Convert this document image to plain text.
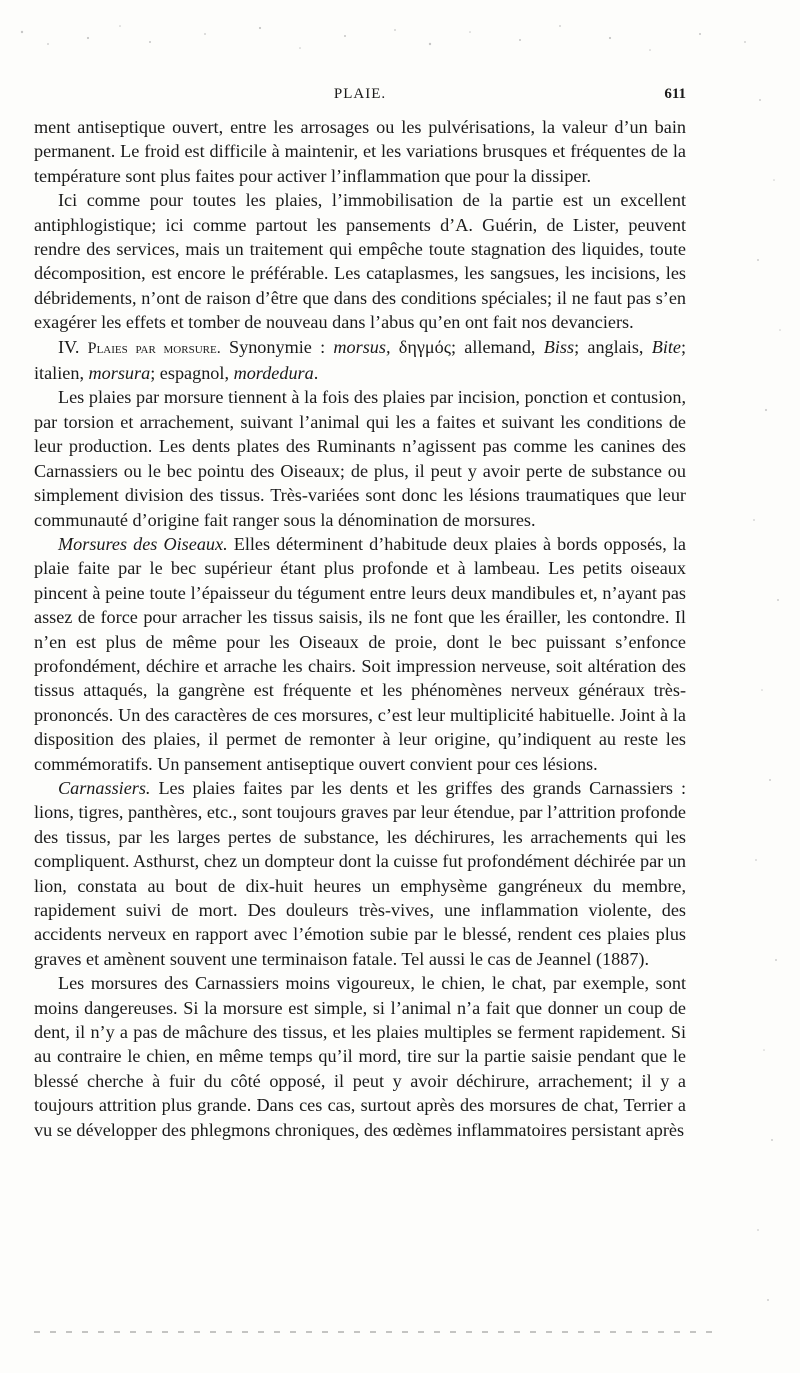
PLAIE.	611

ment antiseptique ouvert, entre les arrosages ou les pulvérisations, la valeur d’un bain permanent. Le froid est difficile à maintenir, et les variations brusques et fréquentes de la température sont plus faites pour activer l’inflammation que pour la dissiper.

Ici comme pour toutes les plaies, l’immobilisation de la partie est un excellent antiphlogistique; ici comme partout les pansements d’A. Guérin, de Lister, peuvent rendre des services, mais un traitement qui empêche toute stagnation des liquides, toute décomposition, est encore le préférable. Les cataplasmes, les sangsues, les incisions, les débridements, n’ont de raison d’être que dans des conditions spéciales; il ne faut pas s’en exagérer les effets et tomber de nouveau dans l’abus qu’en ont fait nos devanciers.

IV. Plaies par morsure. Synonymie : morsus, δηγμός; allemand, Biss; anglais, Bite; italien, morsura; espagnol, mordedura.

Les plaies par morsure tiennent à la fois des plaies par incision, ponction et contusion, par torsion et arrachement, suivant l’animal qui les a faites et suivant les conditions de leur production. Les dents plates des Ruminants n’agissent pas comme les canines des Carnassiers ou le bec pointu des Oiseaux; de plus, il peut y avoir perte de substance ou simplement division des tissus. Très-variées sont donc les lésions traumatiques que leur communauté d’origine fait ranger sous la dénomination de morsures.

Morsures des Oiseaux. Elles déterminent d’habitude deux plaies à bords opposés, la plaie faite par le bec supérieur étant plus profonde et à lambeau. Les petits oiseaux pincent à peine toute l’épaisseur du tégument entre leurs deux mandibules et, n’ayant pas assez de force pour arracher les tissus saisis, ils ne font que les érailler, les contondre. Il n’en est plus de même pour les Oiseaux de proie, dont le bec puissant s’enfonce profondément, déchire et arrache les chairs. Soit impression nerveuse, soit altération des tissus attaqués, la gangrène est fréquente et les phénomènes nerveux généraux très-prononcés. Un des caractères de ces morsures, c’est leur multiplicité habituelle. Joint à la disposition des plaies, il permet de remonter à leur origine, qu’indiquent au reste les commémoratifs. Un pansement antiseptique ouvert convient pour ces lésions.

Carnassiers. Les plaies faites par les dents et les griffes des grands Carnassiers : lions, tigres, panthères, etc., sont toujours graves par leur étendue, par l’attrition profonde des tissus, par les larges pertes de substance, les déchirures, les arrachements qui les compliquent. Asthurst, chez un dompteur dont la cuisse fut profondément déchirée par un lion, constata au bout de dix-huit heures un emphysème gangréneux du membre, rapidement suivi de mort. Des douleurs très-vives, une inflammation violente, des accidents nerveux en rapport avec l’émotion subie par le blessé, rendent ces plaies plus graves et amènent souvent une terminaison fatale. Tel aussi le cas de Jeannel (1887).

Les morsures des Carnassiers moins vigoureux, le chien, le chat, par exemple, sont moins dangereuses. Si la morsure est simple, si l’animal n’a fait que donner un coup de dent, il n’y a pas de mâchure des tissus, et les plaies multiples se ferment rapidement. Si au contraire le chien, en même temps qu’il mord, tire sur la partie saisie pendant que le blessé cherche à fuir du côté opposé, il peut y avoir déchirure, arrachement; il y a toujours attrition plus grande. Dans ces cas, surtout après des morsures de chat, Terrier a vu se développer des phlegmons chroniques, des œdèmes inflammatoires persistant après
